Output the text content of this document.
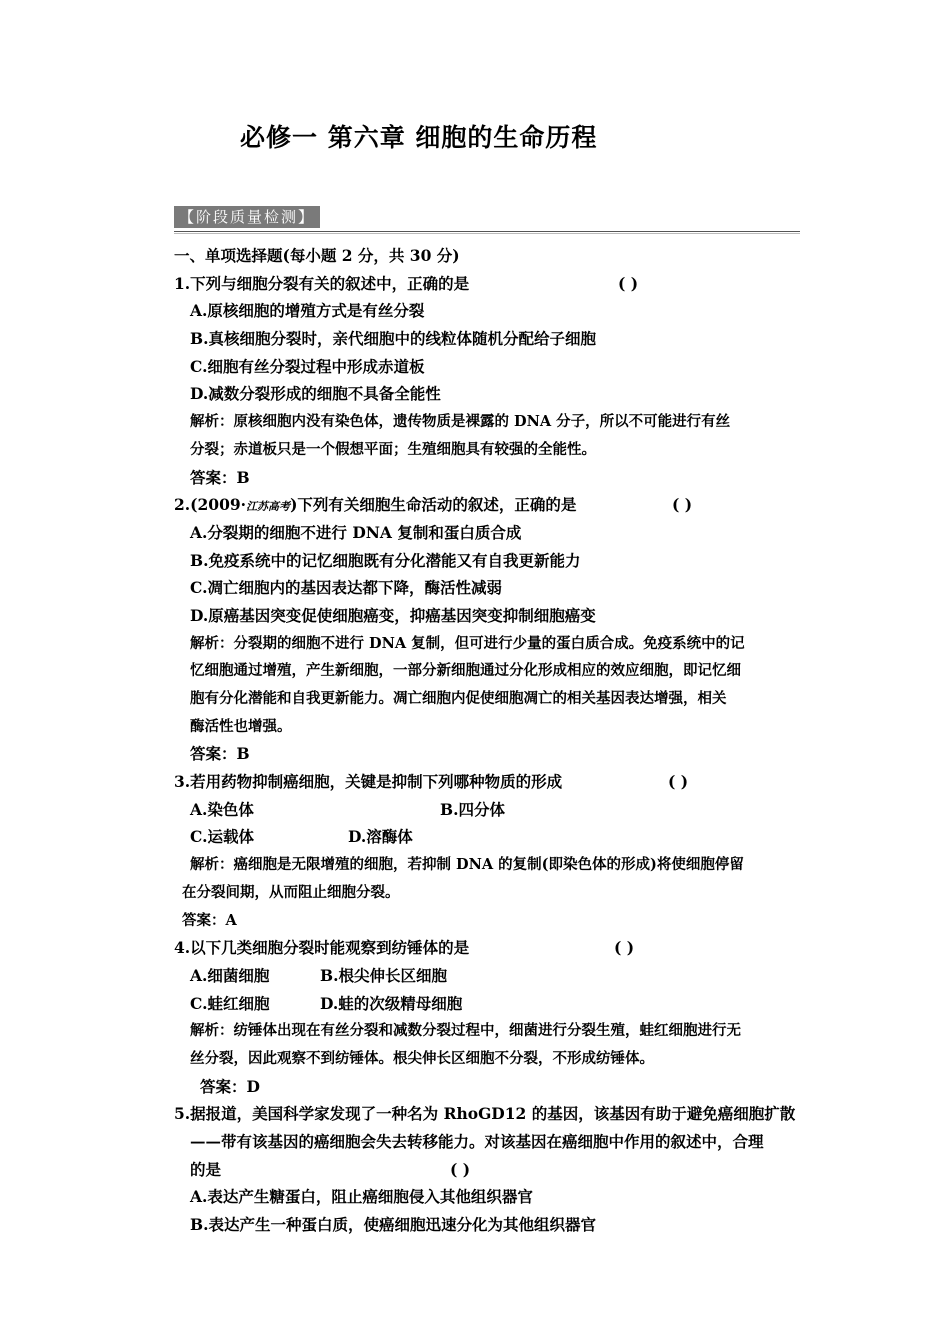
必修一 第六章 细胞的生命历程
【阶段质量检测】
一、单项选择题(每小题 2 分，共 30 分)
1.下列与细胞分裂有关的叙述中，正确的是	( )
A.原核细胞的增殖方式是有丝分裂
B.真核细胞分裂时，亲代细胞中的线粒体随机分配给子细胞
C.细胞有丝分裂过程中形成赤道板
D.减数分裂形成的细胞不具备全能性
解析：原核细胞内没有染色体，遗传物质是裸露的 DNA 分子，所以不可能进行有丝
分裂；赤道板只是一个假想平面；生殖细胞具有较强的全能性。
答案：B
2.(2009·江苏高考)下列有关细胞生命活动的叙述，正确的是	( )
A.分裂期的细胞不进行 DNA 复制和蛋白质合成
B.免疫系统中的记忆细胞既有分化潜能又有自我更新能力
C.凋亡细胞内的基因表达都下降，酶活性减弱
D.原癌基因突变促使细胞癌变，抑癌基因突变抑制细胞癌变
解析：分裂期的细胞不进行 DNA 复制，但可进行少量的蛋白质合成。免疫系统中的记
忆细胞通过增殖，产生新细胞，一部分新细胞通过分化形成相应的效应细胞，即记忆细
胞有分化潜能和自我更新能力。凋亡细胞内促使细胞凋亡的相关基因表达增强，相关
酶活性也增强。
答案：B
3.若用药物抑制癌细胞，关键是抑制下列哪种物质的形成	( )
A.染色体	B.四分体
C.运载体	D.溶酶体
解析：癌细胞是无限增殖的细胞，若抑制 DNA 的复制(即染色体的形成)将使细胞停留
在分裂间期，从而阻止细胞分裂。
答案：A
4.以下几类细胞分裂时能观察到纺锤体的是	( )
A.细菌细胞	B.根尖伸长区细胞
C.蛙红细胞	D.蛙的次级精母细胞
解析：纺锤体出现在有丝分裂和减数分裂过程中，细菌进行分裂生殖，蛙红细胞进行无
丝分裂，因此观察不到纺锤体。根尖伸长区细胞不分裂，不形成纺锤体。
答案：D
5.据报道，美国科学家发现了一种名为 RhoGD12 的基因，该基因有助于避免癌细胞扩散
——带有该基因的癌细胞会失去转移能力。对该基因在癌细胞中作用的叙述中，合理
的是	( )
A.表达产生糖蛋白，阻止癌细胞侵入其他组织器官
B.表达产生一种蛋白质，使癌细胞迅速分化为其他组织器官
